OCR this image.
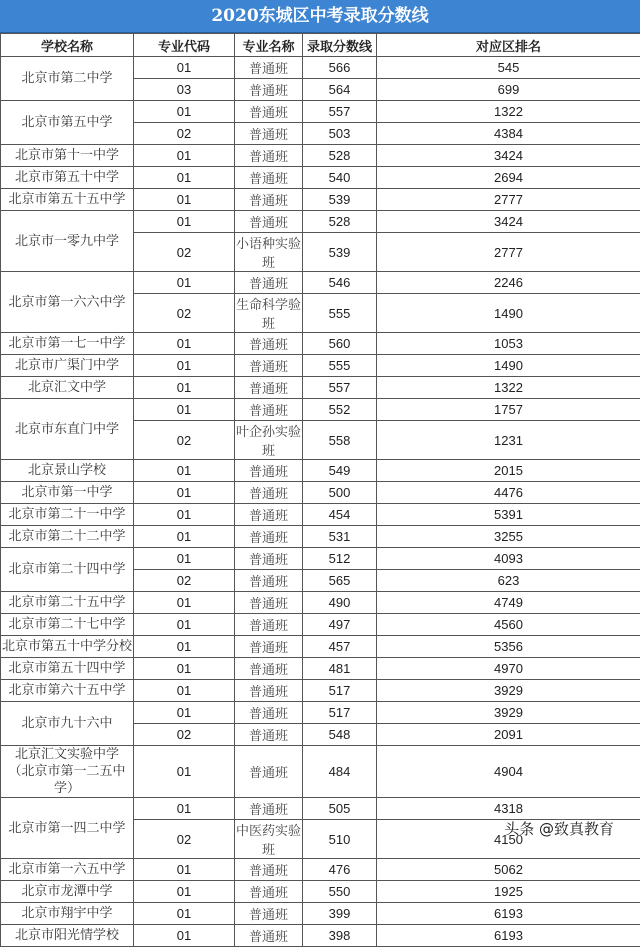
2020东城区中考录取分数线
学校名称	专业代码	专业名称	录取分数线	对应区排名
北京市第二中学	01	普通班	566	545
	03	普通班	564	699
北京市第五中学	01	普通班	557	1322
	02	普通班	503	4384
北京市第十一中学	01	普通班	528	3424
北京市第五十中学	01	普通班	540	2694
北京市第五十五中学	01	普通班	539	2777
北京市一零九中学	01	普通班	528	3424
	02	小语种实验班	539	2777
北京市第一六六中学	01	普通班	546	2246
	02	生命科学验班	555	1490
北京市第一七一中学	01	普通班	560	1053
北京市广渠门中学	01	普通班	555	1490
北京汇文中学	01	普通班	557	1322
北京市东直门中学	01	普通班	552	1757
	02	叶企孙实验班	558	1231
北京景山学校	01	普通班	549	2015
北京市第一中学	01	普通班	500	4476
北京市第二十一中学	01	普通班	454	5391
北京市第二十二中学	01	普通班	531	3255
北京市第二十四中学	01	普通班	512	4093
	02	普通班	565	623
北京市第二十五中学	01	普通班	490	4749
北京市第二十七中学	01	普通班	497	4560
北京市第五十中学分校	01	普通班	457	5356
北京市第五十四中学	01	普通班	481	4970
北京市第六十五中学	01	普通班	517	3929
北京市九十六中	01	普通班	517	3929
	02	普通班	548	2091
北京汇文实验中学 （北京市第一二五中学）	01	普通班	484	4904
北京市第一四二中学	01	普通班	505	4318
	02	中医药实验班	510	4150
北京市第一六五中学	01	普通班	476	5062
北京市龙潭中学	01	普通班	550	1925
北京市翔宇中学	01	普通班	399	6193
北京市阳光情学校	01	普通班	398	6193
头条 @致真教育
